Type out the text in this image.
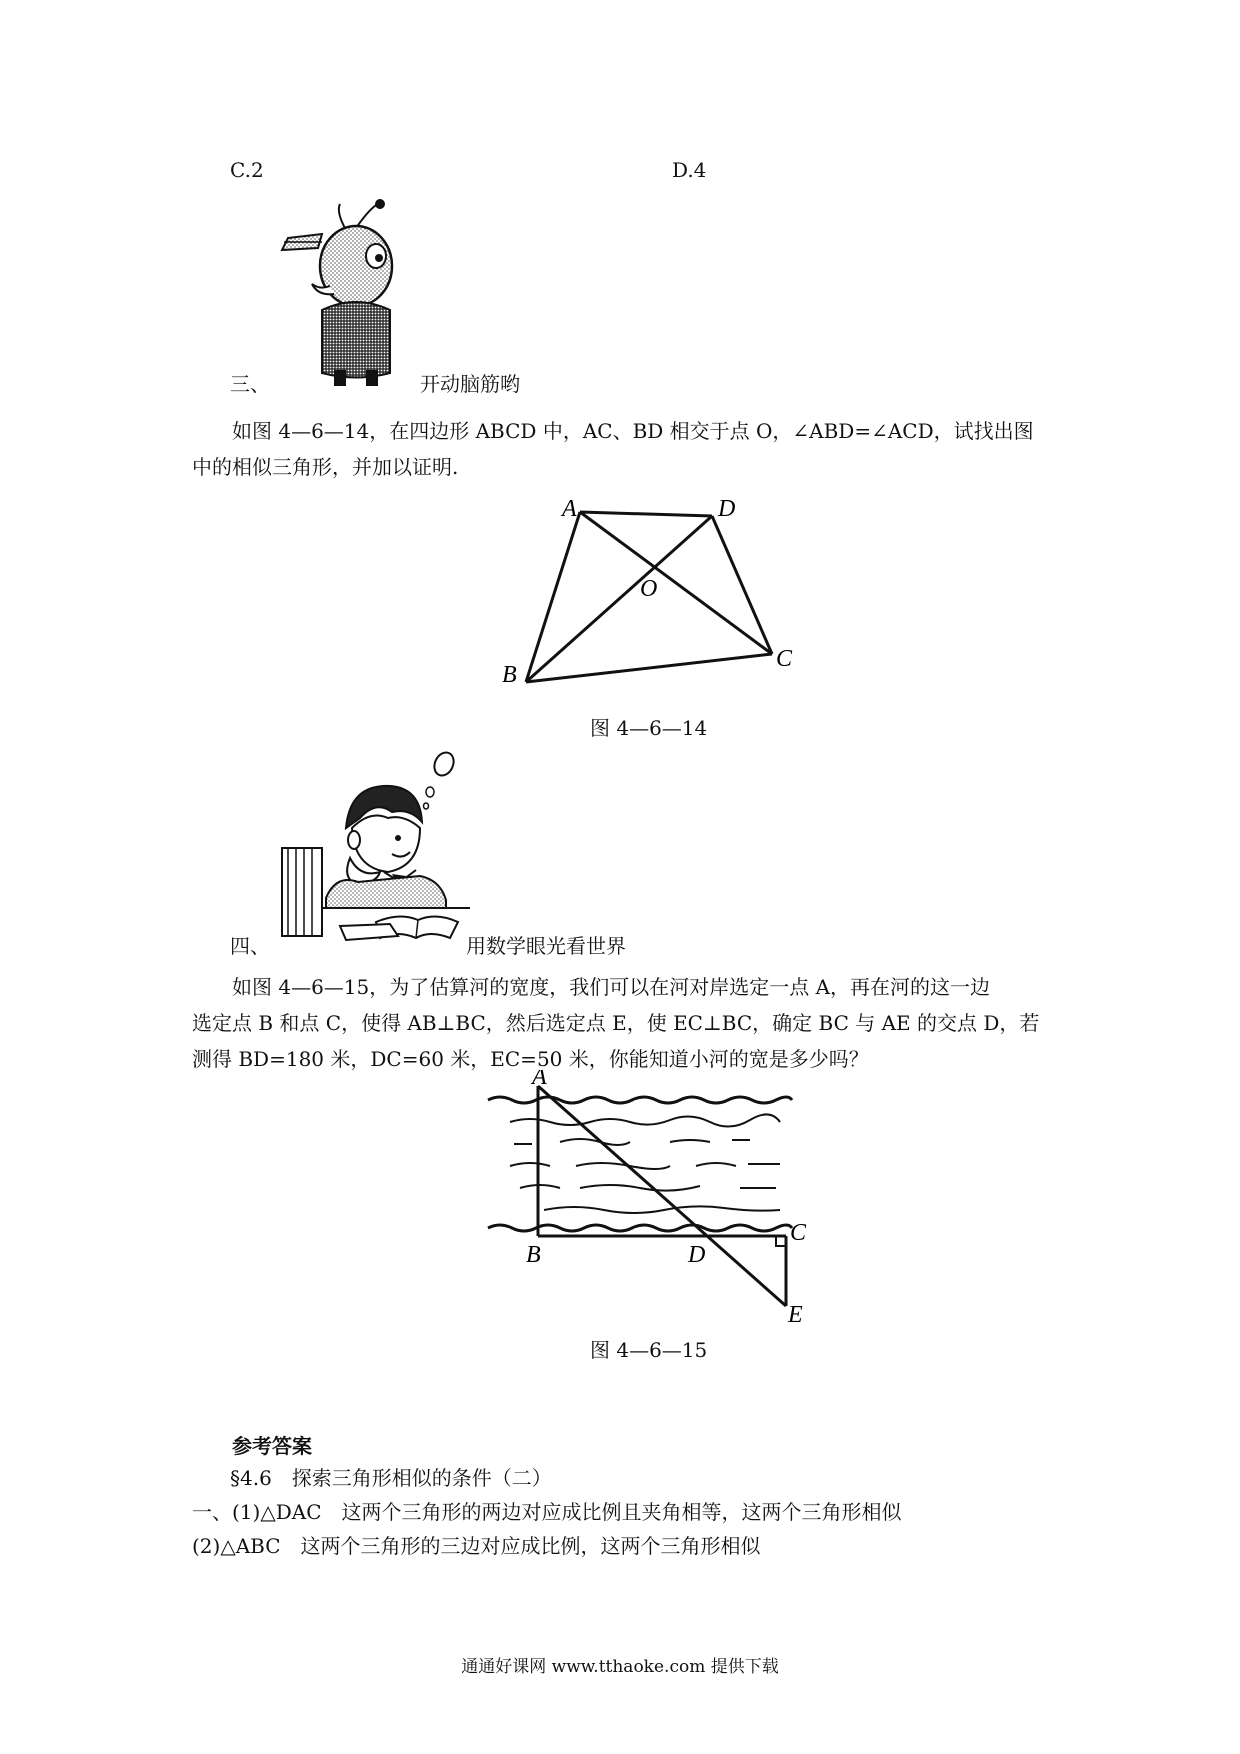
C.2	D.4
三、	开动脑筋哟
如图 4—6—14，在四边形 ABCD 中，AC、BD 相交于点 O，∠ABD=∠ACD，试找出图
中的相似三角形，并加以证明.
A	D
O
B
C
图 4—6—14
四、	用数学眼光看世界
如图 4—6—15，为了估算河的宽度，我们可以在河对岸选定一点 A，再在河的这一边
选定点 B 和点 C，使得 AB⊥BC，然后选定点 E，使 EC⊥BC，确定 BC 与 AE 的交点 D，若
测得 BD=180 米，DC=60 米，EC=50 米，你能知道小河的宽是多少吗？
A
B	D
C
E
图 4—6—15
参考答案
§4.6　探索三角形相似的条件（二）
一、(1)△DAC　这两个三角形的两边对应成比例且夹角相等，这两个三角形相似
(2)△ABC　这两个三角形的三边对应成比例，这两个三角形相似
通通好课网 www.tthaoke.com 提供下载
